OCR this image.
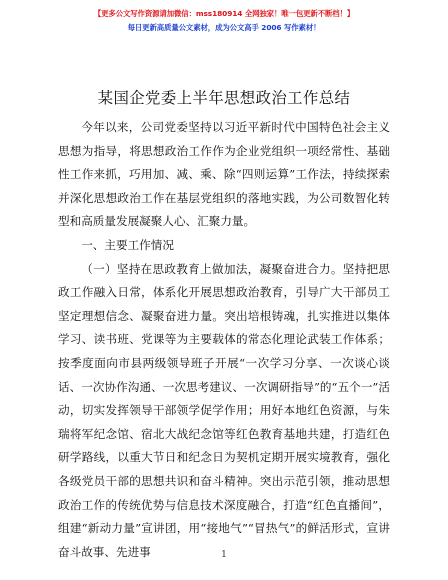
【更多公文写作资源请加微信：mss180914 全网独家！唯一包更新不断档！】
每日更新高质量公文素材，成为公文高手 2006 写作素材！
某国企党委上半年思想政治工作总结

今年以来，公司党委坚持以习近平新时代中国特色社会主义思想为指导，将思想政治工作作为企业党组织一项经常性、基础性工作来抓，巧用加、减、乘、除“四则运算”工作法，持续探索并深化思想政治工作在基层党组织的落地实践，为公司数智化转型和高质量发展凝聚人心、汇聚力量。

一、主要工作情况

（一）坚持在思政教育上做加法，凝聚奋进合力。坚持把思政工作融入日常，体系化开展思想政治教育，引导广大干部员工坚定理想信念、凝聚奋进力量。突出培根铸魂，扎实推进以集体学习、读书班、党课等为主要载体的常态化理论武装工作体系；按季度面向市县两级领导班子开展“一次学习分享、一次谈心谈话、一次协作沟通、一次思考建议、一次调研指导”的“五个一”活动，切实发挥领导干部领学促学作用；用好本地红色资源，与朱瑞将军纪念馆、宿北大战纪念馆等红色教育基地共建，打造红色研学路线，以重大节日和纪念日为契机定期开展实境教育，强化各级党员干部的思想共识和奋斗精神。突出示范引领，推动思想政治工作的传统优势与信息技术深度融合，打造“红色直播间”，组建“新动力量”宣讲团，用“接地气”“冒热气”的鲜活形式，宣讲奋斗故事、先进事	1
